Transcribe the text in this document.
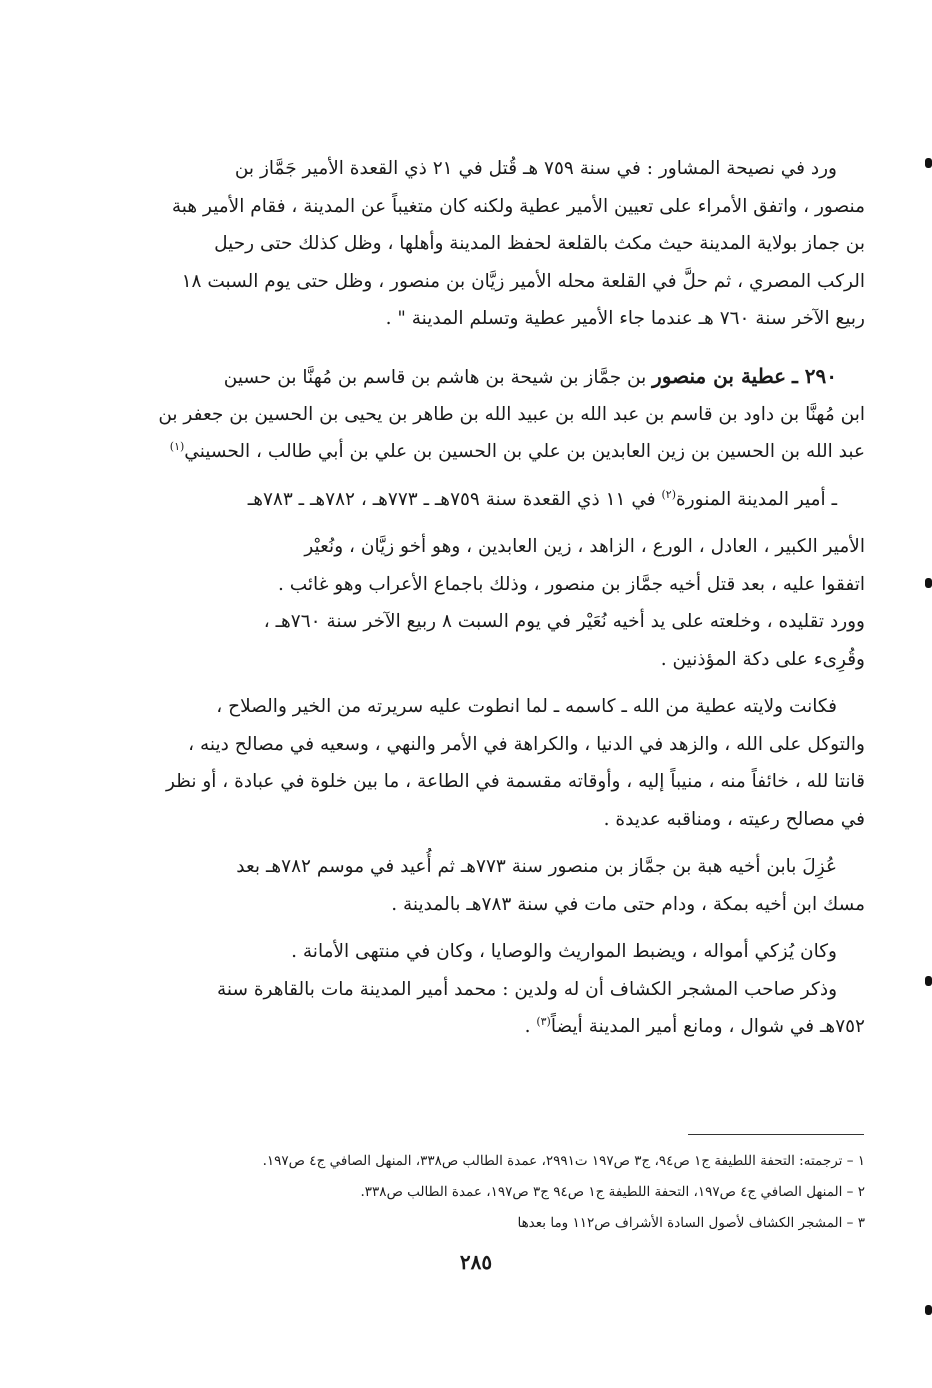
ورد في نصيحة المشاور : في سنة ٧٥٩ هـ قُتل في ٢١ ذي القعدة الأمير جَمَّاز بن
منصور ، واتفق الأمراء على تعيين الأمير عطية ولكنه كان متغيباً عن المدينة ، فقام الأمير هبة
بن جماز بولاية المدينة حيث مكث بالقلعة لحفظ المدينة وأهلها ، وظل كذلك حتى رحيل
الركب المصري ، ثم حلَّ في القلعة محله الأمير زيَّان بن منصور ، وظل حتى يوم السبت ١٨
ربيع الآخر سنة ٧٦٠ هـ عندما جاء الأمير عطية وتسلم المدينة " .
٢٩٠ ـ عطية بن منصور بن جمَّاز بن شيحة بن هاشم بن قاسم بن مُهنَّا بن حسين
ابن مُهنَّا بن داود بن قاسم بن عبد الله بن عبيد الله بن طاهر بن يحيى بن الحسين بن جعفر بن
عبد الله بن الحسين بن زين العابدين بن علي بن الحسين بن علي بن أبي طالب ، الحسيني$^{(١)}$
ـ أمير المدينة المنورة$^{(٢)}$ في ١١ ذي القعدة سنة ٧٥٩هـ ـ ٧٧٣هـ ، ٧٨٢هـ ـ ٧٨٣هـ
الأمير الكبير ، العادل ، الورع ، الزاهد ، زين العابدين ، وهو أخو زيَّان ، ونُعيْر
اتفقوا عليه ، بعد قتل أخيه جمَّاز بن منصور ، وذلك باجماع الأعراب وهو غائب .
وورد تقليده ، وخلعته على يد أخيه نُعَيْر في يوم السبت ٨ ربيع الآخر سنة ٧٦٠هـ ،
وقُرِىء على دكة المؤذنين .
فكانت ولايته عطية من الله ـ كاسمه ـ لما انطوت عليه سريرته من الخير والصلاح ،
والتوكل على الله ، والزهد في الدنيا ، والكراهة في الأمر والنهي ، وسعيه في مصالح دينه ،
قانتا لله ، خائفاً منه ، منيباً إليه ، وأوقاته مقسمة في الطاعة ، ما بين خلوة في عبادة ، أو نظر
في مصالح رعيته ، ومناقبه عديدة .
عُزِلَ بابن أخيه هبة بن جمَّاز بن منصور سنة ٧٧٣هـ ثم أُعيد في موسم ٧٨٢هـ بعد
مسك ابن أخيه بمكة ، ودام حتى مات في سنة ٧٨٣هـ بالمدينة .
وكان يُزكي أمواله ، ويضبط المواريث والوصايا ، وكان في منتهى الأمانة .
وذكر صاحب المشجر الكشاف أن له ولدين : محمد أمير المدينة مات بالقاهرة سنة
٧٥٢هـ في شوال ، ومانع أمير المدينة أيضاً$^{(٣)}$ .
١ – ترجمته: التحفة اللطيفة ج١ ص٩٤، ج٣ ص١٩٧ ت٢٩٩١، عمدة الطالب ص٣٣٨، المنهل الصافي ج٤ ص١٩٧.
٢ – المنهل الصافي ج٤ ص١٩٧، التحفة اللطيفة ج١ ص٩٤ ج٣ ص١٩٧، عمدة الطالب ص٣٣٨.
٣ – المشجر الكشاف لأصول السادة الأشراف ص١١٢ وما بعدها
٢٨٥
